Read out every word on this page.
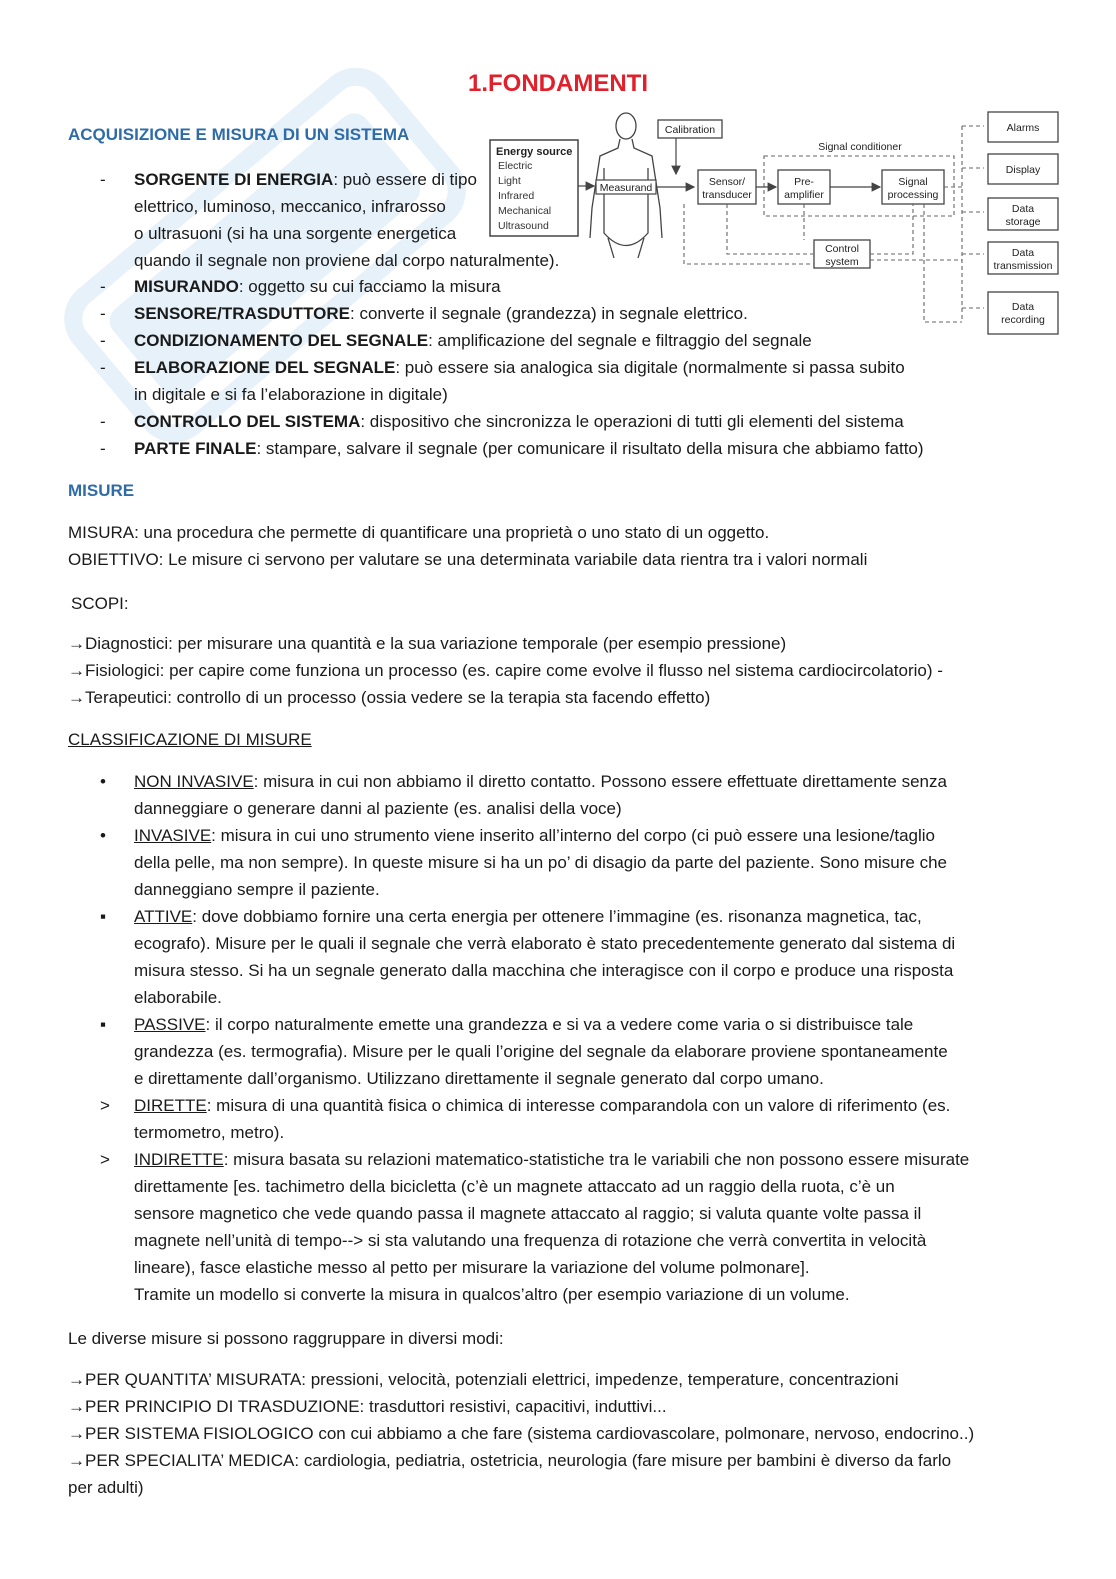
1.FONDAMENTI
ACQUISIZIONE E MISURA DI UN SISTEMA
- SORGENTE DI ENERGIA: può essere di tipo
elettrico, luminoso, meccanico, infrarosso
o ultrasuoni (si ha una sorgente energetica
quando il segnale non proviene dal corpo naturalmente).
- MISURANDO: oggetto su cui facciamo la misura
- SENSORE/TRASDUTTORE: converte il segnale (grandezza) in segnale elettrico.
- CONDIZIONAMENTO DEL SEGNALE: amplificazione del segnale e filtraggio del segnale
- ELABORAZIONE DEL SEGNALE: può essere sia analogica sia digitale (normalmente si passa subito
in digitale e si fa l’elaborazione in digitale)
- CONTROLLO DEL SISTEMA: dispositivo che sincronizza le operazioni di tutti gli elementi del sistema
- PARTE FINALE: stampare, salvare il segnale (per comunicare il risultato della misura che abbiamo fatto)
Energy source
Electric
Light
Infrared
Mechanical
Ultrasound
Measurand
Calibration
Signal conditioner
Sensor/
transducer
Pre-
amplifier
Signal
processing
Control
system
Alarms
Display
Data
storage
Data
transmission
Data
recording
MISURE
MISURA: una procedura che permette di quantificare una proprietà o uno stato di un oggetto.
OBIETTIVO: Le misure ci servono per valutare se una determinata variabile data rientra tra i valori normali
SCOPI:
→Diagnostici: per misurare una quantità e la sua variazione temporale (per esempio pressione)
→Fisiologici: per capire come funziona un processo (es. capire come evolve il flusso nel sistema cardiocircolatorio) -
→Terapeutici: controllo di un processo (ossia vedere se la terapia sta facendo effetto)
CLASSIFICAZIONE DI MISURE
• NON INVASIVE: misura in cui non abbiamo il diretto contatto. Possono essere effettuate direttamente senza
danneggiare o generare danni al paziente (es. analisi della voce)
• INVASIVE: misura in cui uno strumento viene inserito all’interno del corpo (ci può essere una lesione/taglio
della pelle, ma non sempre). In queste misure si ha un po’ di disagio da parte del paziente. Sono misure che
danneggiano sempre il paziente.
▪ ATTIVE: dove dobbiamo fornire una certa energia per ottenere l’immagine (es. risonanza magnetica, tac,
ecografo). Misure per le quali il segnale che verrà elaborato è stato precedentemente generato dal sistema di
misura stesso. Si ha un segnale generato dalla macchina che interagisce con il corpo e produce una risposta
elaborabile.
▪ PASSIVE: il corpo naturalmente emette una grandezza e si va a vedere come varia o si distribuisce tale
grandezza (es. termografia). Misure per le quali l’origine del segnale da elaborare proviene spontaneamente
e direttamente dall’organismo. Utilizzano direttamente il segnale generato dal corpo umano.
> DIRETTE: misura di una quantità fisica o chimica di interesse comparandola con un valore di riferimento (es.
termometro, metro).
> INDIRETTE: misura basata su relazioni matematico-statistiche tra le variabili che non possono essere misurate
direttamente [es. tachimetro della bicicletta (c’è un magnete attaccato ad un raggio della ruota, c’è un
sensore magnetico che vede quando passa il magnete attaccato al raggio; si valuta quante volte passa il
magnete nell’unità di tempo--> si sta valutando una frequenza di rotazione che verrà convertita in velocità
lineare), fasce elastiche messo al petto per misurare la variazione del volume polmonare].
Tramite un modello si converte la misura in qualcos’altro (per esempio variazione di un volume.
Le diverse misure si possono raggruppare in diversi modi:
→PER QUANTITA’ MISURATA: pressioni, velocità, potenziali elettrici, impedenze, temperature, concentrazioni
→PER PRINCIPIO DI TRASDUZIONE: trasduttori resistivi, capacitivi, induttivi...
→PER SISTEMA FISIOLOGICO con cui abbiamo a che fare (sistema cardiovascolare, polmonare, nervoso, endocrino..)
→PER SPECIALITA’ MEDICA: cardiologia, pediatria, ostetricia, neurologia (fare misure per bambini è diverso da farlo
per adulti)
